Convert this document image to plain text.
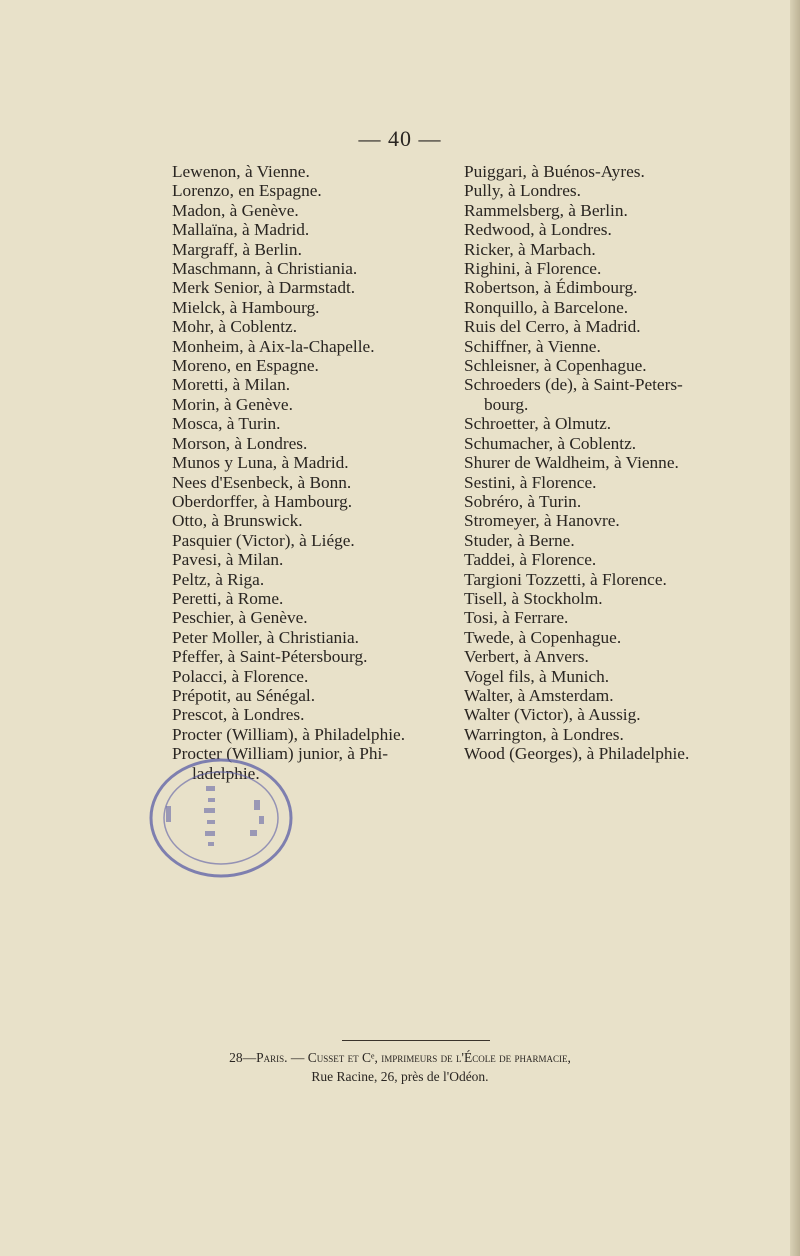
— 40 —
Lewenon, à Vienne.
Lorenzo, en Espagne.
Madon, à Genève.
Mallaïna, à Madrid.
Margraff, à Berlin.
Maschmann, à Christiania.
Merk Senior, à Darmstadt.
Mielck, à Hambourg.
Mohr, à Coblentz.
Monheim, à Aix-la-Chapelle.
Moreno, en Espagne.
Moretti, à Milan.
Morin, à Genève.
Mosca, à Turin.
Morson, à Londres.
Munos y Luna, à Madrid.
Nees d'Esenbeck, à Bonn.
Oberdorffer, à Hambourg.
Otto, à Brunswick.
Pasquier (Victor), à Liége.
Pavesi, à Milan.
Peltz, à Riga.
Peretti, à Rome.
Peschier, à Genève.
Peter Moller, à Christiania.
Pfeffer, à Saint-Pétersbourg.
Polacci, à Florence.
Prépotit, au Sénégal.
Prescot, à Londres.
Procter (William), à Philadelphie.
Procter (William) junior, à Phi-
ladelphie.
Puiggari, à Buénos-Ayres.
Pully, à Londres.
Rammelsberg, à Berlin.
Redwood, à Londres.
Ricker, à Marbach.
Righini, à Florence.
Robertson, à Édimbourg.
Ronquillo, à Barcelone.
Ruis del Cerro, à Madrid.
Schiffner, à Vienne.
Schleisner, à Copenhague.
Schroeders (de), à Saint-Peters-
bourg.
Schroetter, à Olmutz.
Schumacher, à Coblentz.
Shurer de Waldheim, à Vienne.
Sestini, à Florence.
Sobréro, à Turin.
Stromeyer, à Hanovre.
Studer, à Berne.
Taddei, à Florence.
Targioni Tozzetti, à Florence.
Tisell, à Stockholm.
Tosi, à Ferrare.
Twede, à Copenhague.
Verbert, à Anvers.
Vogel fils, à Munich.
Walter, à Amsterdam.
Walter (Victor), à Aussig.
Warrington, à Londres.
Wood (Georges), à Philadelphie.
28—Paris. — Cusset et Cᵉ, imprimeurs de l'École de pharmacie,
Rue Racine, 26, près de l'Odéon.
